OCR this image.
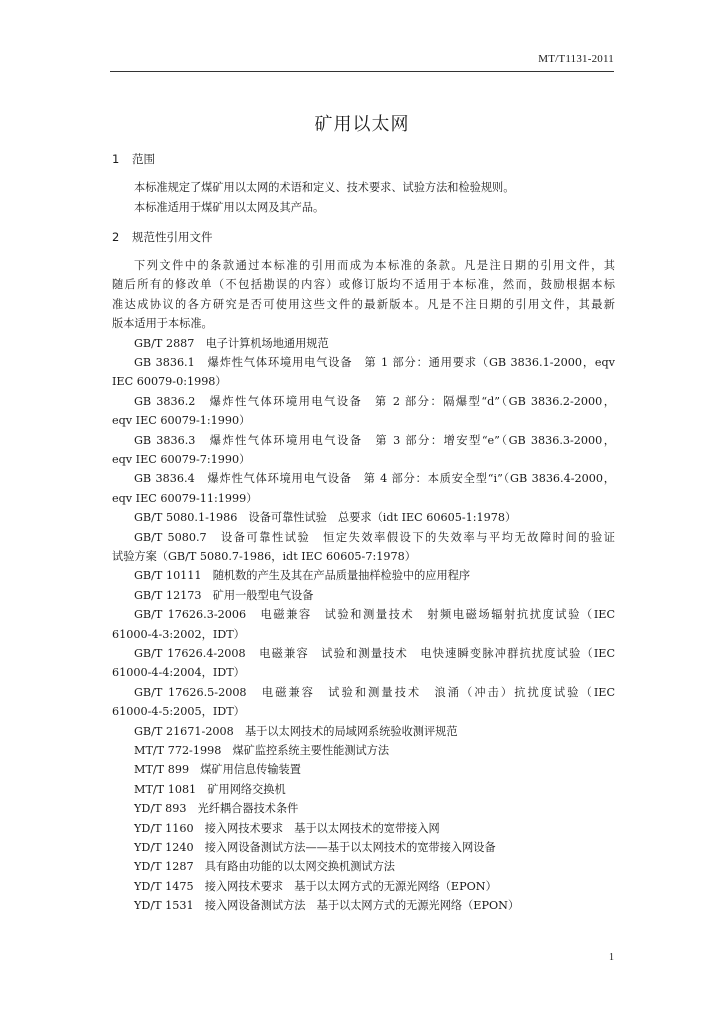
MT/T1131-2011
矿用以太网
1 范围
本标准规定了煤矿用以太网的术语和定义、技术要求、试验方法和检验规则。
本标准适用于煤矿用以太网及其产品。
2 规范性引用文件
下列文件中的条款通过本标准的引用而成为本标准的条款。凡是注日期的引用文件，其
随后所有的修改单（不包括勘误的内容）或修订版均不适用于本标准，然而，鼓励根据本标
准达成协议的各方研究是否可使用这些文件的最新版本。凡是不注日期的引用文件，其最新
版本适用于本标准。
GB/T 2887　电子计算机场地通用规范
GB 3836.1　爆炸性气体环境用电气设备　第 1 部分：通用要求（GB 3836.1-2000，eqv
IEC 60079-0:1998）
GB 3836.2　爆炸性气体环境用电气设备　第 2 部分：隔爆型“d”（GB 3836.2-2000，
eqv IEC 60079-1:1990）
GB 3836.3　爆炸性气体环境用电气设备　第 3 部分：增安型“e”（GB 3836.3-2000，
eqv IEC 60079-7:1990）
GB 3836.4　爆炸性气体环境用电气设备　第 4 部分：本质安全型“i”（GB 3836.4-2000，
eqv IEC 60079-11:1999）
GB/T 5080.1-1986　设备可靠性试验　总要求（idt IEC 60605-1:1978）
GB/T 5080.7　设备可靠性试验　恒定失效率假设下的失效率与平均无故障时间的验证
试验方案（GB/T 5080.7-1986，idt IEC 60605-7:1978）
GB/T 10111　随机数的产生及其在产品质量抽样检验中的应用程序
GB/T 12173　矿用一般型电气设备
GB/T 17626.3-2006　电磁兼容　试验和测量技术　射频电磁场辐射抗扰度试验（IEC
61000-4-3:2002，IDT）
GB/T 17626.4-2008　电磁兼容　试验和测量技术　电快速瞬变脉冲群抗扰度试验（IEC
61000-4-4:2004，IDT）
GB/T 17626.5-2008　电磁兼容　试验和测量技术　浪涌（冲击）抗扰度试验（IEC
61000-4-5:2005，IDT）
GB/T 21671-2008　基于以太网技术的局域网系统验收测评规范
MT/T 772-1998　煤矿监控系统主要性能测试方法
MT/T 899　煤矿用信息传输装置
MT/T 1081　矿用网络交换机
YD/T 893　光纤耦合器技术条件
YD/T 1160　接入网技术要求　基于以太网技术的宽带接入网
YD/T 1240　接入网设备测试方法——基于以太网技术的宽带接入网设备
YD/T 1287　具有路由功能的以太网交换机测试方法
YD/T 1475　接入网技术要求　基于以太网方式的无源光网络（EPON）
YD/T 1531　接入网设备测试方法　基于以太网方式的无源光网络（EPON）
1
